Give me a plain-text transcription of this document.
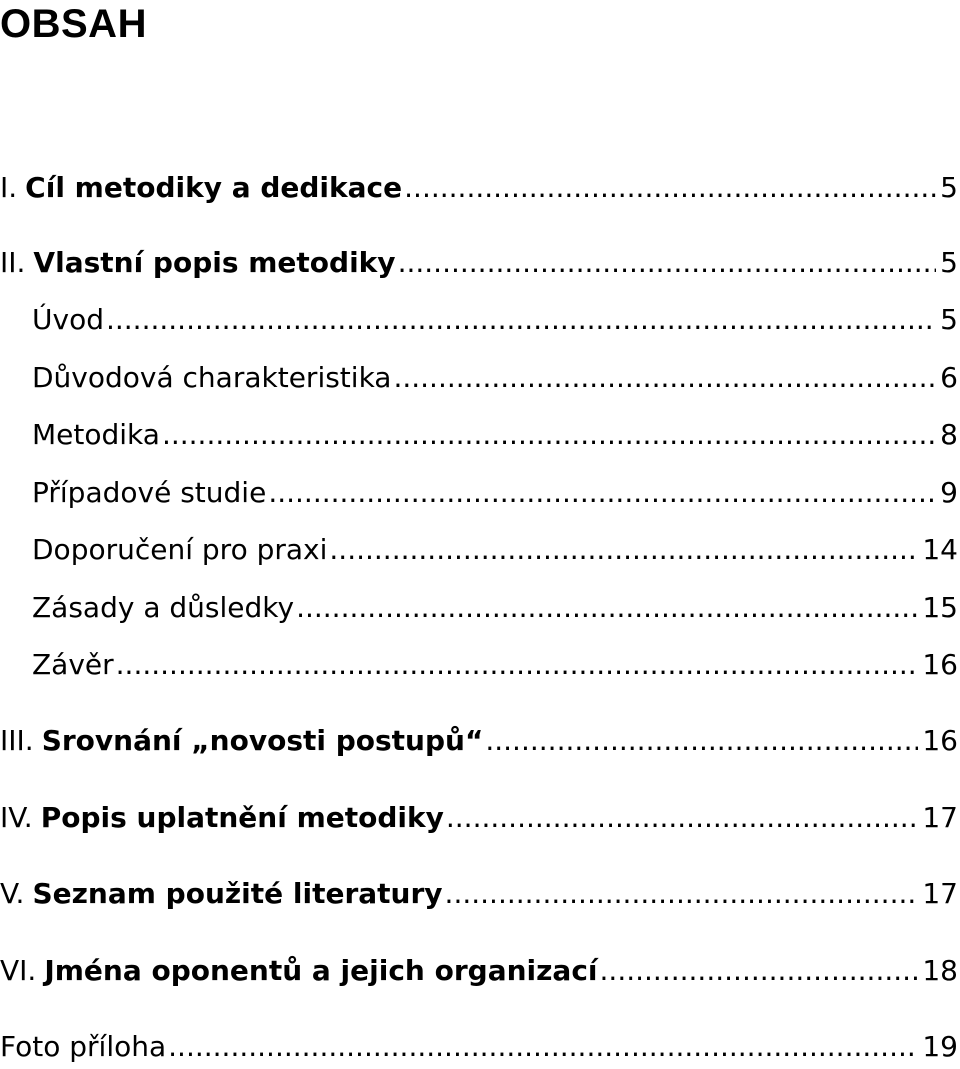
OBSAH
I. Cíl metodiky a dedikace .....	5
II. Vlastní popis metodiky .....	5
Úvod .....	5
Důvodová charakteristika .....	6
Metodika .....	8
Případové studie .....	9
Doporučení pro praxi .....	14
Zásady a důsledky .....	15
Závěr .....	16
III. Srovnání „novosti postupů“ .....	16
IV. Popis uplatnění metodiky .....	17
V. Seznam použité literatury .....	17
VI. Jména oponentů a jejich organizací .....	18
Foto příloha .....	19
